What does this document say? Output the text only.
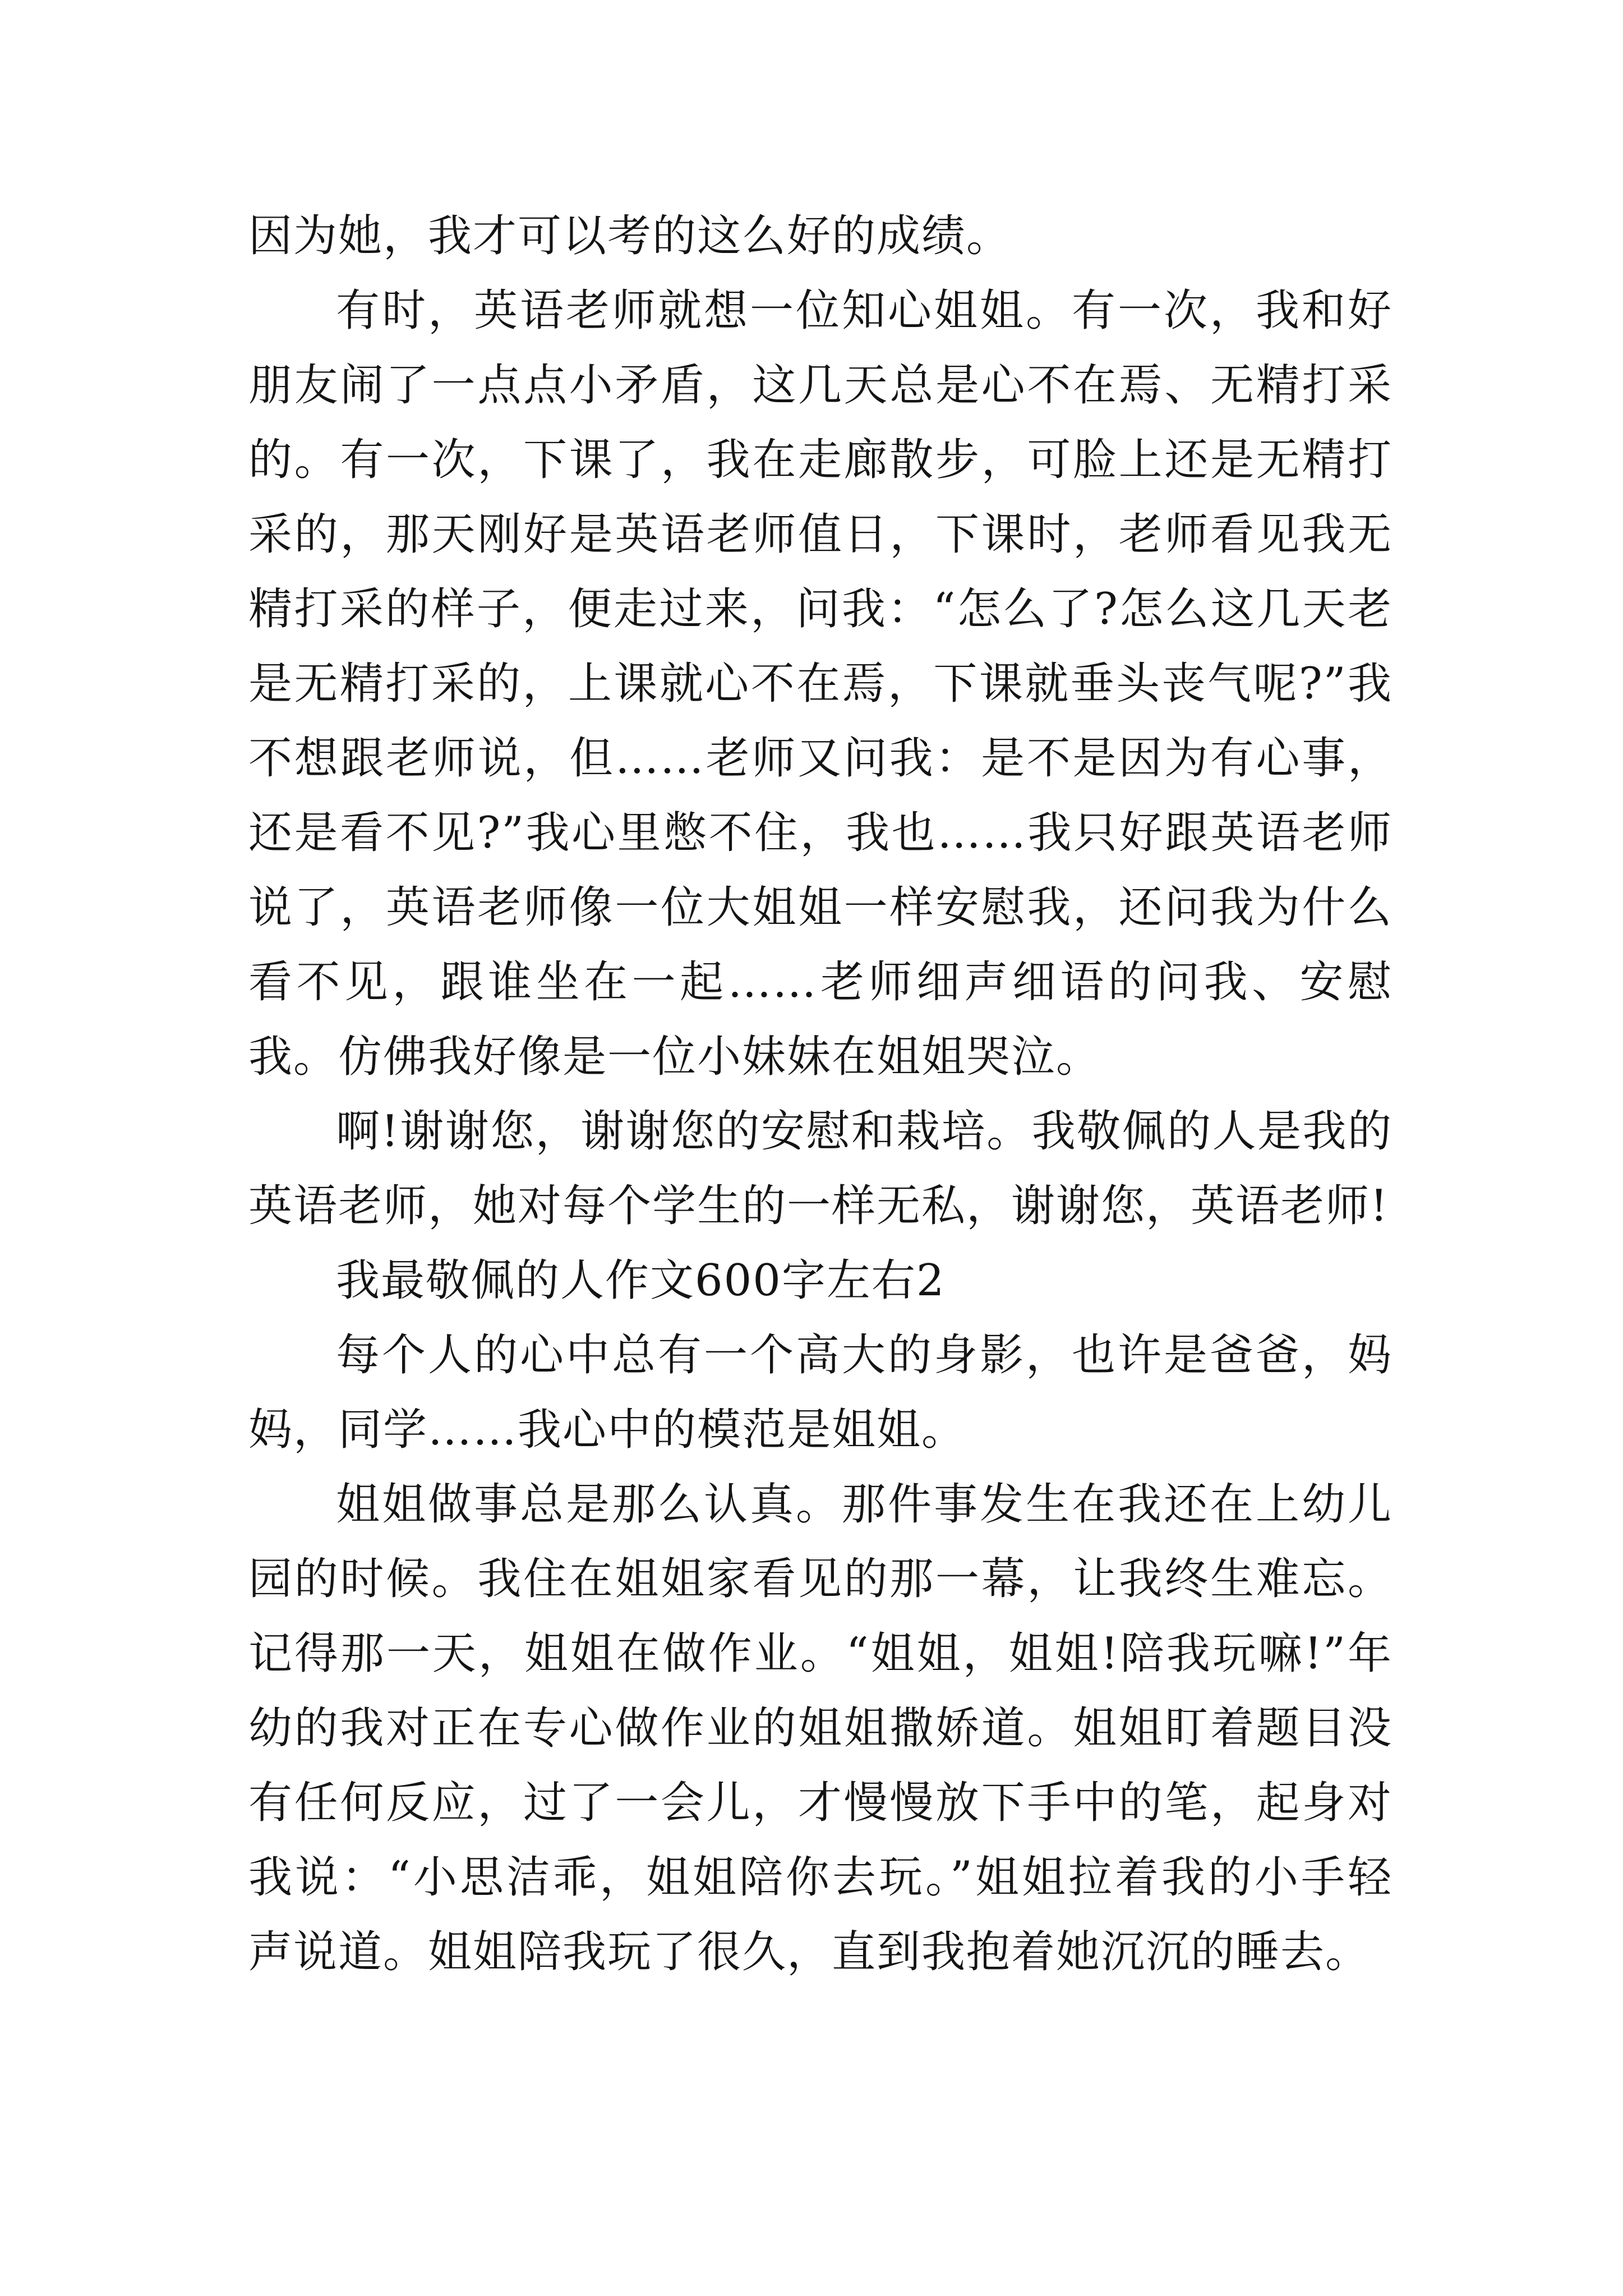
因为她，我才可以考的这么好的成绩。

有时，英语老师就想一位知心姐姐。有一次，我和好朋友闹了一点点小矛盾，这几天总是心不在焉、无精打采的。有一次，下课了，我在走廊散步，可脸上还是无精打采的，那天刚好是英语老师值日，下课时，老师看见我无精打采的样子，便走过来，问我：“怎么了?怎么这几天老是无精打采的，上课就心不在焉，下课就垂头丧气呢?”我不想跟老师说，但……老师又问我：是不是因为有心事，还是看不见?”我心里憋不住，我也……我只好跟英语老师说了，英语老师像一位大姐姐一样安慰我，还问我为什么看不见，跟谁坐在一起……老师细声细语的问我、安慰我。仿佛我好像是一位小妹妹在姐姐哭泣。

啊!谢谢您，谢谢您的安慰和栽培。我敬佩的人是我的英语老师，她对每个学生的一样无私，谢谢您，英语老师!

我最敬佩的人作文600字左右2

每个人的心中总有一个高大的身影，也许是爸爸，妈妈，同学……我心中的模范是姐姐。

姐姐做事总是那么认真。那件事发生在我还在上幼儿园的时候。我住在姐姐家看见的那一幕，让我终生难忘。记得那一天，姐姐在做作业。“姐姐，姐姐!陪我玩嘛!”年幼的我对正在专心做作业的姐姐撒娇道。姐姐盯着题目没有任何反应，过了一会儿，才慢慢放下手中的笔，起身对我说：“小思洁乖，姐姐陪你去玩。”姐姐拉着我的小手轻声说道。姐姐陪我玩了很久，直到我抱着她沉沉的睡去。
